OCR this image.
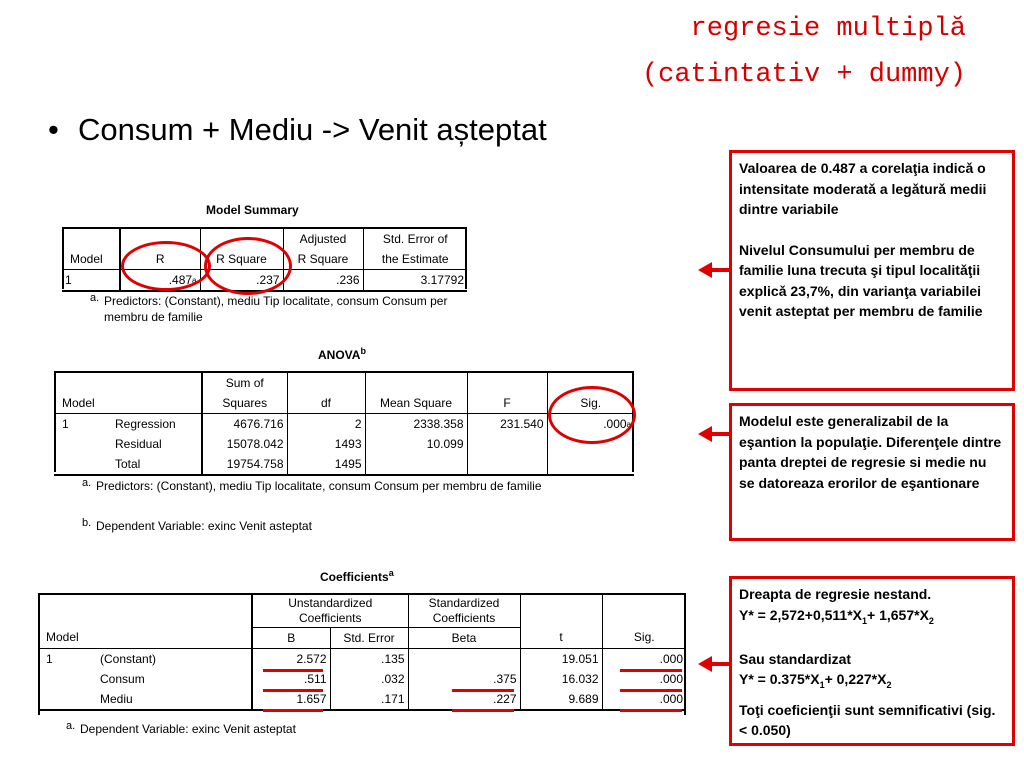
regresie multiplă
(catintativ + dummy)
• Consum + Mediu -> Venit așteptat
Model Summary
			Adjusted	Std. Error of
Model	R	R Square	R Square	the Estimate
1	.487$^a$	.237	.236	3.17792
a. Predictors: (Constant), mediu Tip localitate, consum Consum per membru de familie
ANOVA$^b$
		Sum of				
Model		Squares	df	Mean Square	F	Sig.
1	Regression	4676.716	2	2338.358	231.540	.000$^a$
	Residual	15078.042	1493	10.099		
	Total	19754.758	1495			
a. Predictors: (Constant), mediu Tip localitate, consum Consum per membru de familie
b. Dependent Variable: exinc Venit asteptat
Coefficients$^a$
		Unstandardized
Coefficients		Standardized
Coefficients		
Model		B	Std. Error	Beta	t	Sig.
1	(Constant)	2.572	.135		19.051	.000
	Consum	.511	.032	.375	16.032	.000
	Mediu	1.657	.171	.227	9.689	.000
a. Dependent Variable: exinc Venit asteptat

Valoarea de 0.487 a corelaţia indicǎ o intensitate moderatǎ a legǎturǎ medii dintre variabile

Nivelul Consumului per membru de familie luna trecuta şi tipul localitǎţii explicǎ 23,7%, din varianţa variabilei venit asteptat per membru de familie

Modelul este generalizabil de la eşantion la populaţie. Diferenţele dintre panta dreptei de regresie si medie nu se datoreaza erorilor de eşantionare

Dreapta de regresie nestand.

$Y* = 2,572+0,511*X_1+ 1,657*X_2$

Sau standardizat

$Y* = 0.375*X_1+ 0,227*X_2$

Toţi coeficienţii sunt semnificativi (sig. < 0.050)
